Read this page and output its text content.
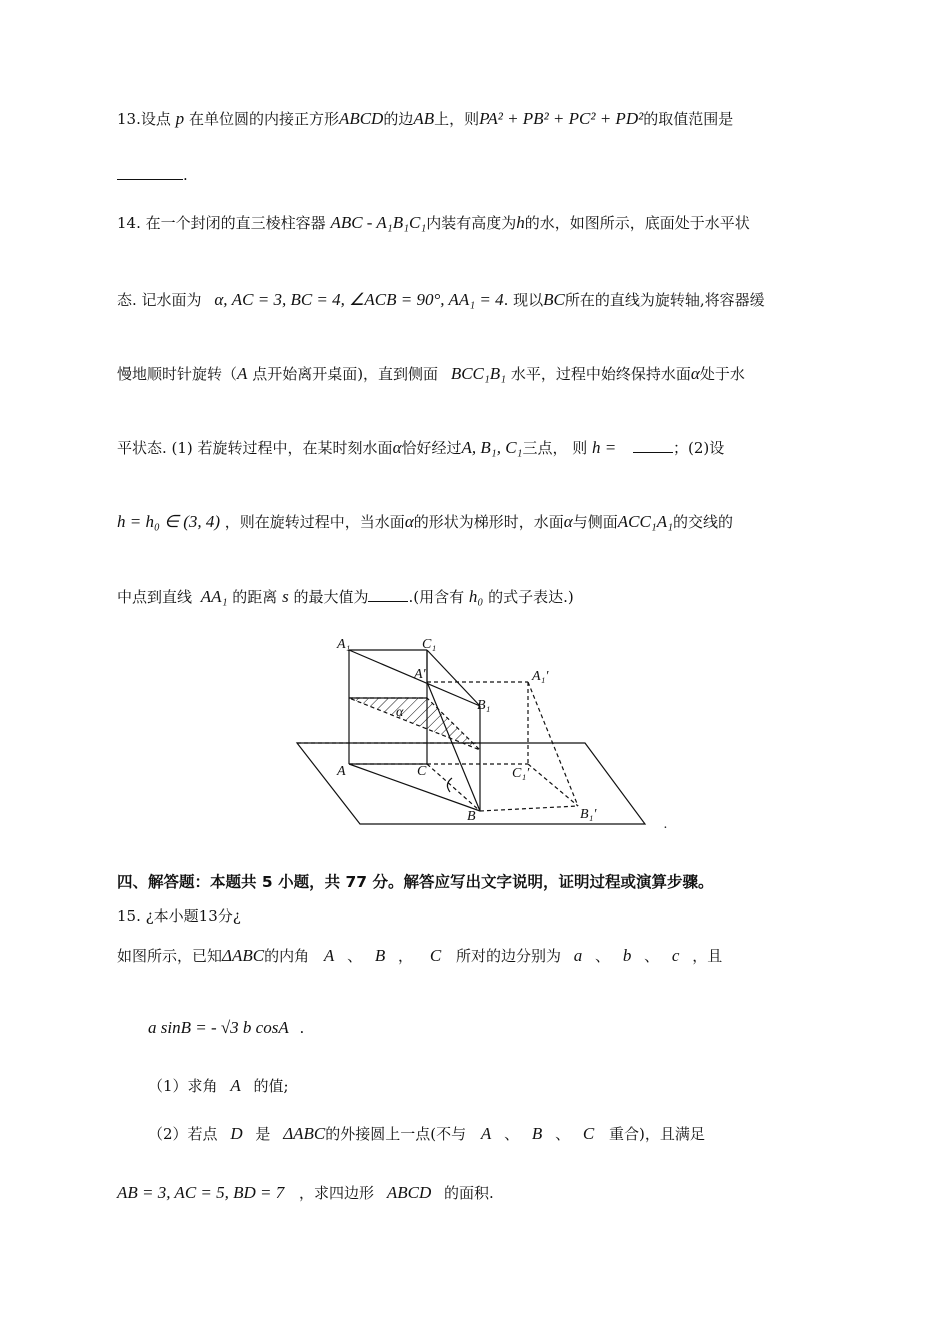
13.设点 p 在单位圆的内接正方形ABCD的边AB上，则PA² + PB² + PC² + PD²的取值范围是
.
14. 在一个封闭的直三棱柱容器 ABC - A₁B₁C₁内装有高度为h的水，如图所示，底面处于水平状
态. 记水面为 α, AC = 3, BC = 4, ∠ACB = 90°, AA₁ = 4. 现以BC所在的直线为旋转轴,将容器缓
慢地顺时针旋转（A 点开始离开桌面)，直到侧面 BCC₁B₁ 水平，过程中始终保持水面α处于水
平状态. (1) 若旋转过程中，在某时刻水面α恰好经过A, B₁, C₁三点， 则 h =	；(2)设
h = h₀ ∈ (3, 4) ，则在旋转过程中，当水面α的形状为梯形时，水面α与侧面ACC₁A₁的交线的
中点到直线 AA₁ 的距离 s 的最大值为	.(用含有 h₀ 的式子表达.)
A₁	C₁
A′	A₁′
B₁
α
A	C	C₁′
B	B₁′
.
四、解答题：本题共 5 小题，共 77 分。解答应写出文字说明，证明过程或演算步骤。
15. ¿本小题13分¿
如图所示，已知ΔABC的内角 A 、 B ， C 所对的边分别为 a 、 b 、 c ，且
a sinB = - √3 b cosA .
（1）求角 A 的值;
（2）若点 D 是 ΔABC的外接圆上一点(不与 A 、 B 、 C 重合)，且满足
AB = 3, AC = 5, BD = 7 ，求四边形 ABCD 的面积.
